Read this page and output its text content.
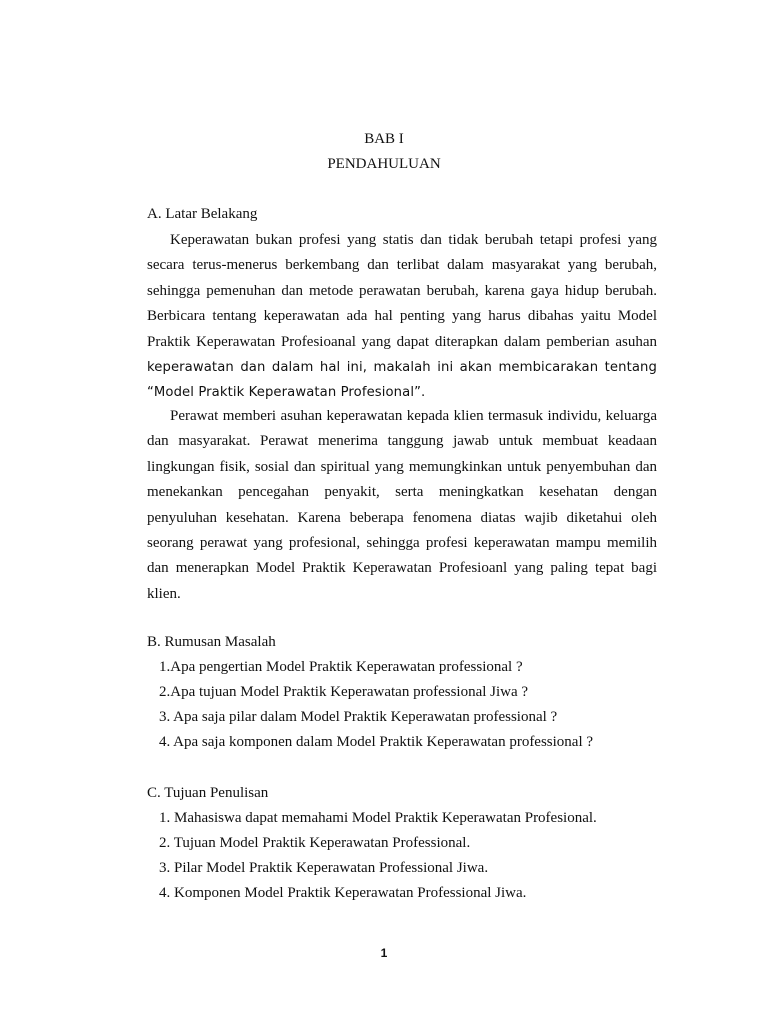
BAB I
PENDAHULUAN
A. Latar Belakang

Keperawatan bukan profesi yang statis dan tidak berubah tetapi profesi yang secara terus-menerus berkembang dan terlibat dalam masyarakat yang berubah, sehingga pemenuhan dan metode perawatan berubah, karena gaya hidup berubah. Berbicara tentang keperawatan ada hal penting yang harus dibahas yaitu Model Praktik Keperawatan Profesioanal yang dapat diterapkan dalam pemberian asuhan keperawatan dan dalam hal ini, makalah ini akan membicarakan tentang “Model Praktik Keperawatan Profesional”.

Perawat memberi asuhan keperawatan kepada klien termasuk individu, keluarga dan masyarakat. Perawat menerima tanggung jawab untuk membuat keadaan lingkungan fisik, sosial dan spiritual yang memungkinkan untuk penyembuhan dan menekankan pencegahan penyakit, serta meningkatkan kesehatan dengan penyuluhan kesehatan. Karena beberapa fenomena diatas wajib diketahui oleh seorang perawat yang profesional, sehingga profesi keperawatan mampu memilih dan menerapkan Model Praktik Keperawatan Profesioanl yang paling tepat bagi klien.

B. Rumusan Masalah
1.Apa pengertian Model Praktik Keperawatan professional ?
2.Apa tujuan Model Praktik Keperawatan professional Jiwa ?
3. Apa saja pilar dalam Model Praktik Keperawatan professional ?
4. Apa saja komponen dalam Model Praktik Keperawatan professional ?
C. Tujuan Penulisan
1. Mahasiswa dapat memahami Model Praktik Keperawatan Profesional.
2. Tujuan Model Praktik Keperawatan Professional.
3. Pilar Model Praktik Keperawatan Professional Jiwa.
4. Komponen Model Praktik Keperawatan Professional Jiwa.
1
